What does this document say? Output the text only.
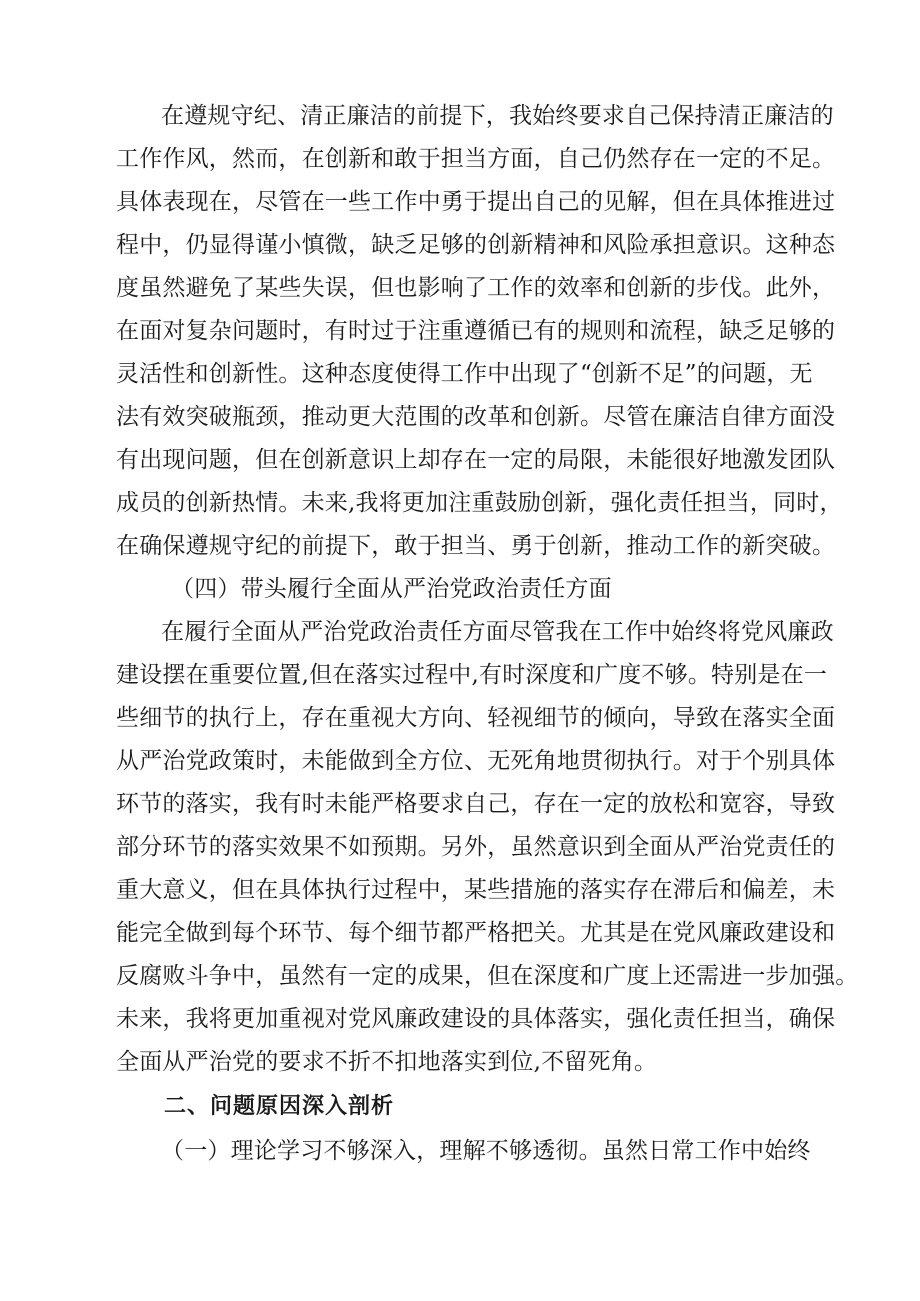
在遵规守纪、清正廉洁的前提下，我始终要求自己保持清正廉洁的
工作作风，然而，在创新和敢于担当方面，自己仍然存在一定的不足。
具体表现在，尽管在一些工作中勇于提出自己的见解，但在具体推进过
程中，仍显得谨小慎微，缺乏足够的创新精神和风险承担意识。这种态
度虽然避免了某些失误，但也影响了工作的效率和创新的步伐。此外，
在面对复杂问题时，有时过于注重遵循已有的规则和流程，缺乏足够的
灵活性和创新性。这种态度使得工作中出现了“创新不足”的问题，无
法有效突破瓶颈，推动更大范围的改革和创新。尽管在廉洁自律方面没
有出现问题，但在创新意识上却存在一定的局限，未能很好地激发团队
成员的创新热情。未来,我将更加注重鼓励创新，强化责任担当，同时，
在确保遵规守纪的前提下，敢于担当、勇于创新，推动工作的新突破。
（四）带头履行全面从严治党政治责任方面
在履行全面从严治党政治责任方面尽管我在工作中始终将党风廉政
建设摆在重要位置,但在落实过程中,有时深度和广度不够。特别是在一
些细节的执行上，存在重视大方向、轻视细节的倾向，导致在落实全面
从严治党政策时，未能做到全方位、无死角地贯彻执行。对于个别具体
环节的落实，我有时未能严格要求自己，存在一定的放松和宽容，导致
部分环节的落实效果不如预期。另外，虽然意识到全面从严治党责任的
重大意义，但在具体执行过程中，某些措施的落实存在滞后和偏差，未
能完全做到每个环节、每个细节都严格把关。尤其是在党风廉政建设和
反腐败斗争中，虽然有一定的成果，但在深度和广度上还需进一步加强。
未来，我将更加重视对党风廉政建设的具体落实，强化责任担当，确保
全面从严治党的要求不折不扣地落实到位,不留死角。
二、问题原因深入剖析
（一）理论学习不够深入，理解不够透彻。虽然日常工作中始终
